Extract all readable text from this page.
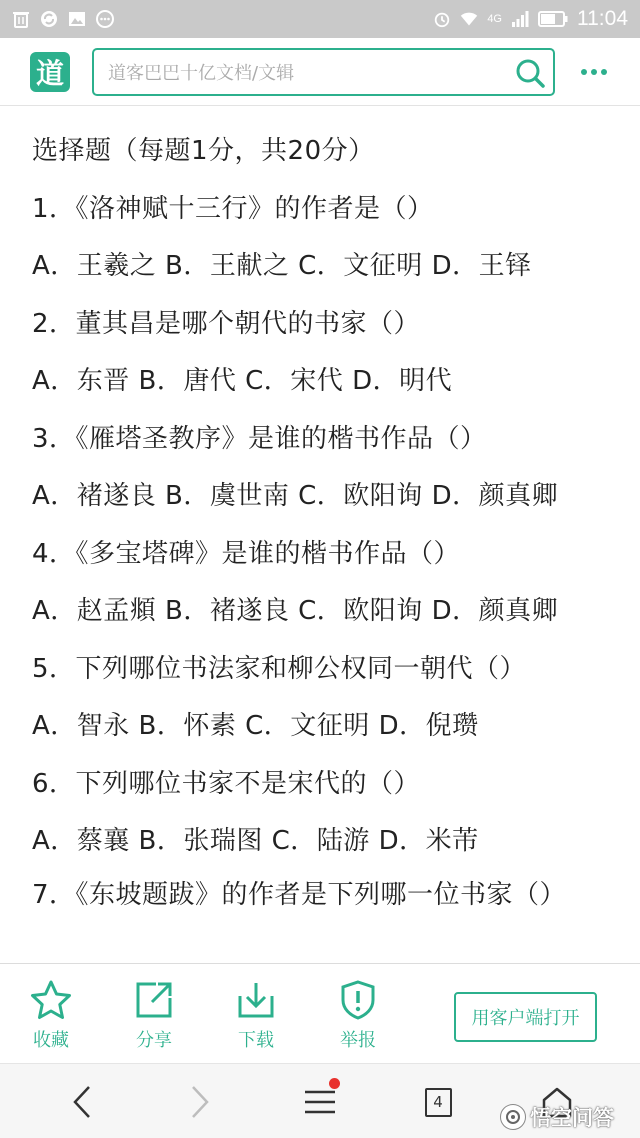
4G	11:04
道
道客巴巴十亿文档/文辑
选择题（每题1分，共20分）
1．《洛神赋十三行》的作者是（）
A．王羲之 B．王献之 C．文征明 D．王铎
2．董其昌是哪个朝代的书家（）
A．东晋 B．唐代 C．宋代 D．明代
3．《雁塔圣教序》是谁的楷书作品（）
A．褚遂良 B．虞世南 C．欧阳询 D．颜真卿
4．《多宝塔碑》是谁的楷书作品（）
A．赵孟頫 B．褚遂良 C．欧阳询 D．颜真卿
5．下列哪位书法家和柳公权同一朝代（）
A．智永 B．怀素 C．文征明 D．倪瓒
6．下列哪位书家不是宋代的（）
A．蔡襄 B．张瑞图 C．陆游 D．米芾
7．《东坡题跋》的作者是下列哪一位书家（）
收藏	分享	下载	举报
用客户端打开
4
悟空问答
